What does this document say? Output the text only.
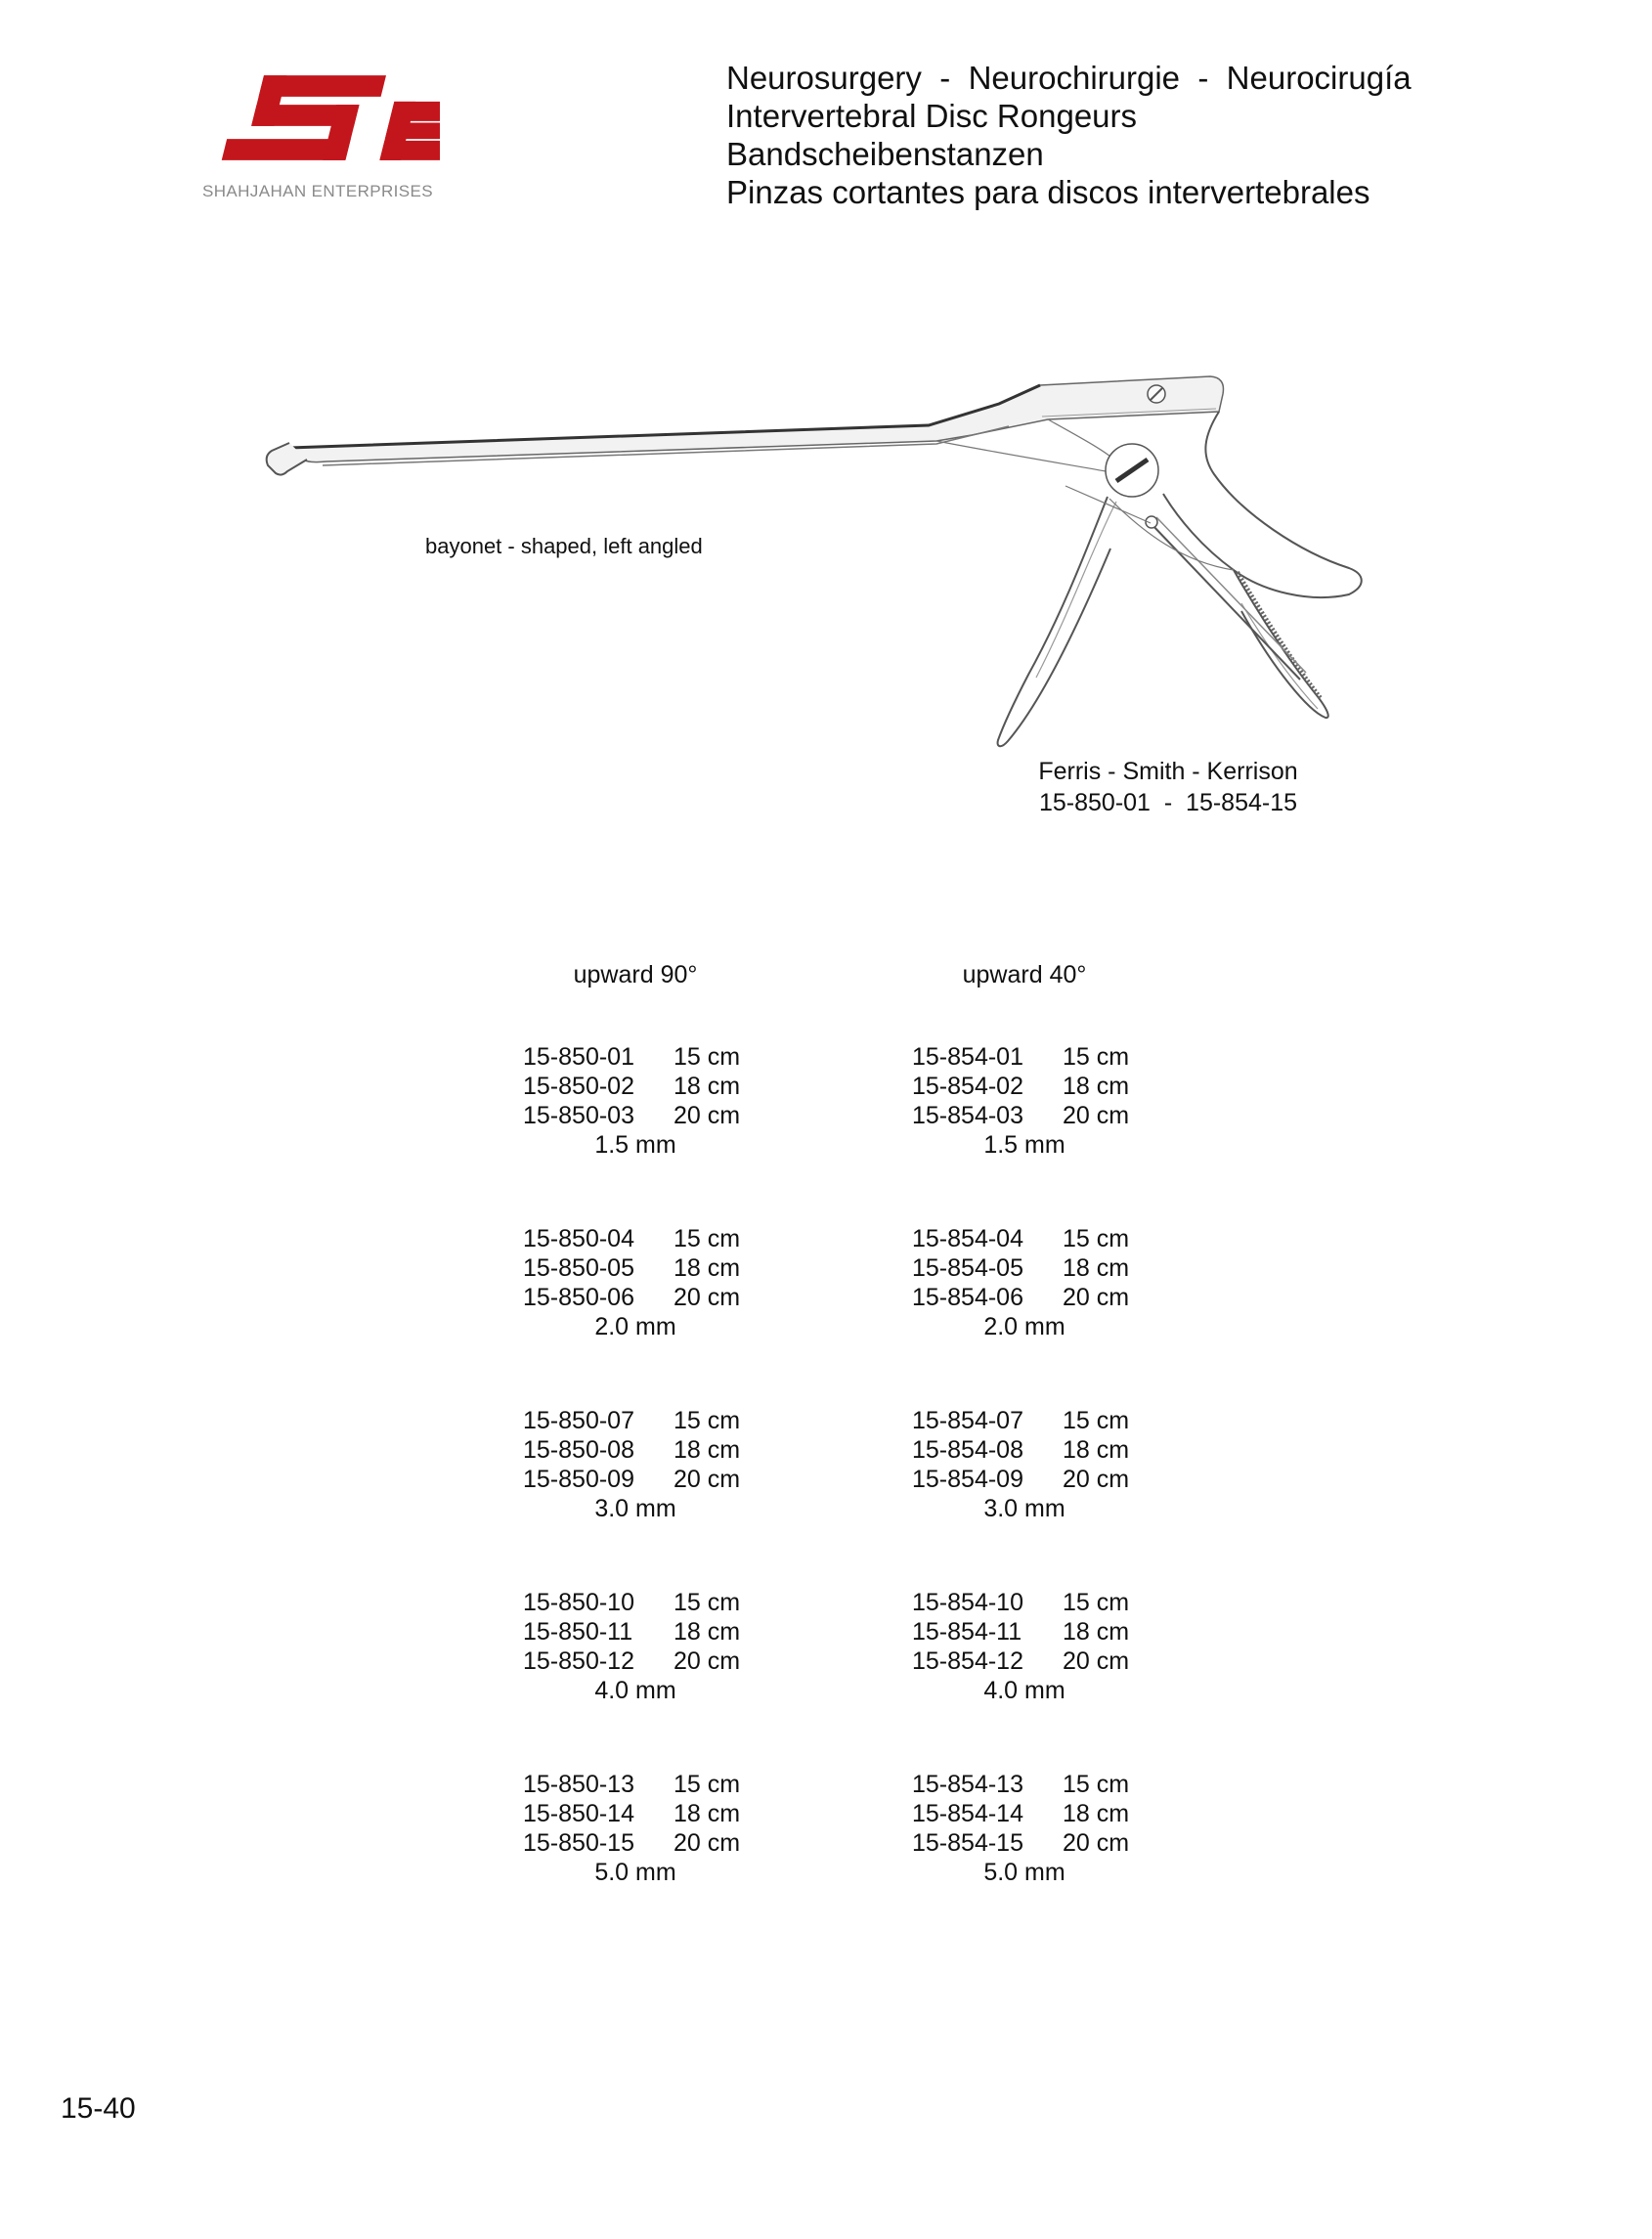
SHAHJAHAN ENTERPRISES
Neurosurgery  -  Neurochirurgie  -  Neurocirugía
Intervertebral Disc Rongeurs
Bandscheibenstanzen
Pinzas cortantes para discos intervertebrales
bayonet - shaped, left angled
Ferris - Smith - Kerrison
15-850-01  -  15-854-15
upward 90°
15-850-01	15 cm
15-850-02	18 cm
15-850-03	20 cm
1.5 mm
15-850-04	15 cm
15-850-05	18 cm
15-850-06	20 cm
2.0 mm
15-850-07	15 cm
15-850-08	18 cm
15-850-09	20 cm
3.0 mm
15-850-10	15 cm
15-850-11	18 cm
15-850-12	20 cm
4.0 mm
15-850-13	15 cm
15-850-14	18 cm
15-850-15	20 cm
5.0 mm
upward 40°
15-854-01	15 cm
15-854-02	18 cm
15-854-03	20 cm
1.5 mm
15-854-04	15 cm
15-854-05	18 cm
15-854-06	20 cm
2.0 mm
15-854-07	15 cm
15-854-08	18 cm
15-854-09	20 cm
3.0 mm
15-854-10	15 cm
15-854-11	18 cm
15-854-12	20 cm
4.0 mm
15-854-13	15 cm
15-854-14	18 cm
15-854-15	20 cm
5.0 mm
15-40
